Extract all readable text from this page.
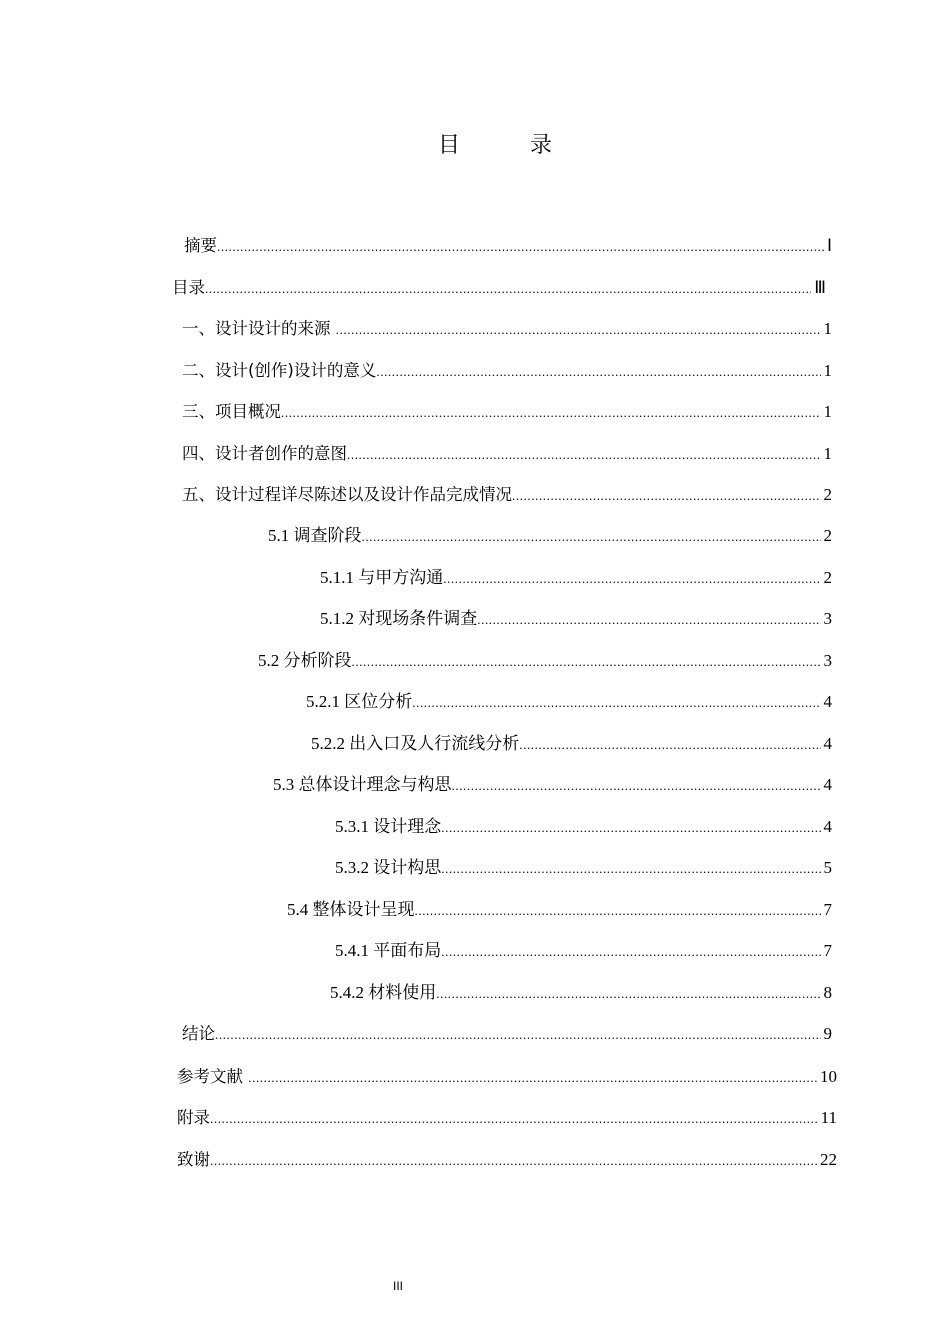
目　录
摘要 .....	Ⅰ
目录 .....	Ⅲ
一、设计设计的来源 .....	1
二、设计(创作)设计的意义 .....	1
三、项目概况 .....	1
四、设计者创作的意图 .....	1
五、设计过程详尽陈述以及设计作品完成情况 .....	2
5.1 调查阶段 .....	2
5.1.1 与甲方沟通 .....	2
5.1.2 对现场条件调查 .....	3
5.2 分析阶段 .....	3
5.2.1 区位分析 .....	4
5.2.2 出入口及人行流线分析 .....	4
5.3 总体设计理念与构思 .....	4
5.3.1 设计理念 .....	4
5.3.2 设计构思 .....	5
5.4 整体设计呈现 .....	7
5.4.1 平面布局 .....	7
5.4.2 材料使用 .....	8
结论 .....	9
参考文献 .....	10
附录 .....	11
致谢 .....	22
III
